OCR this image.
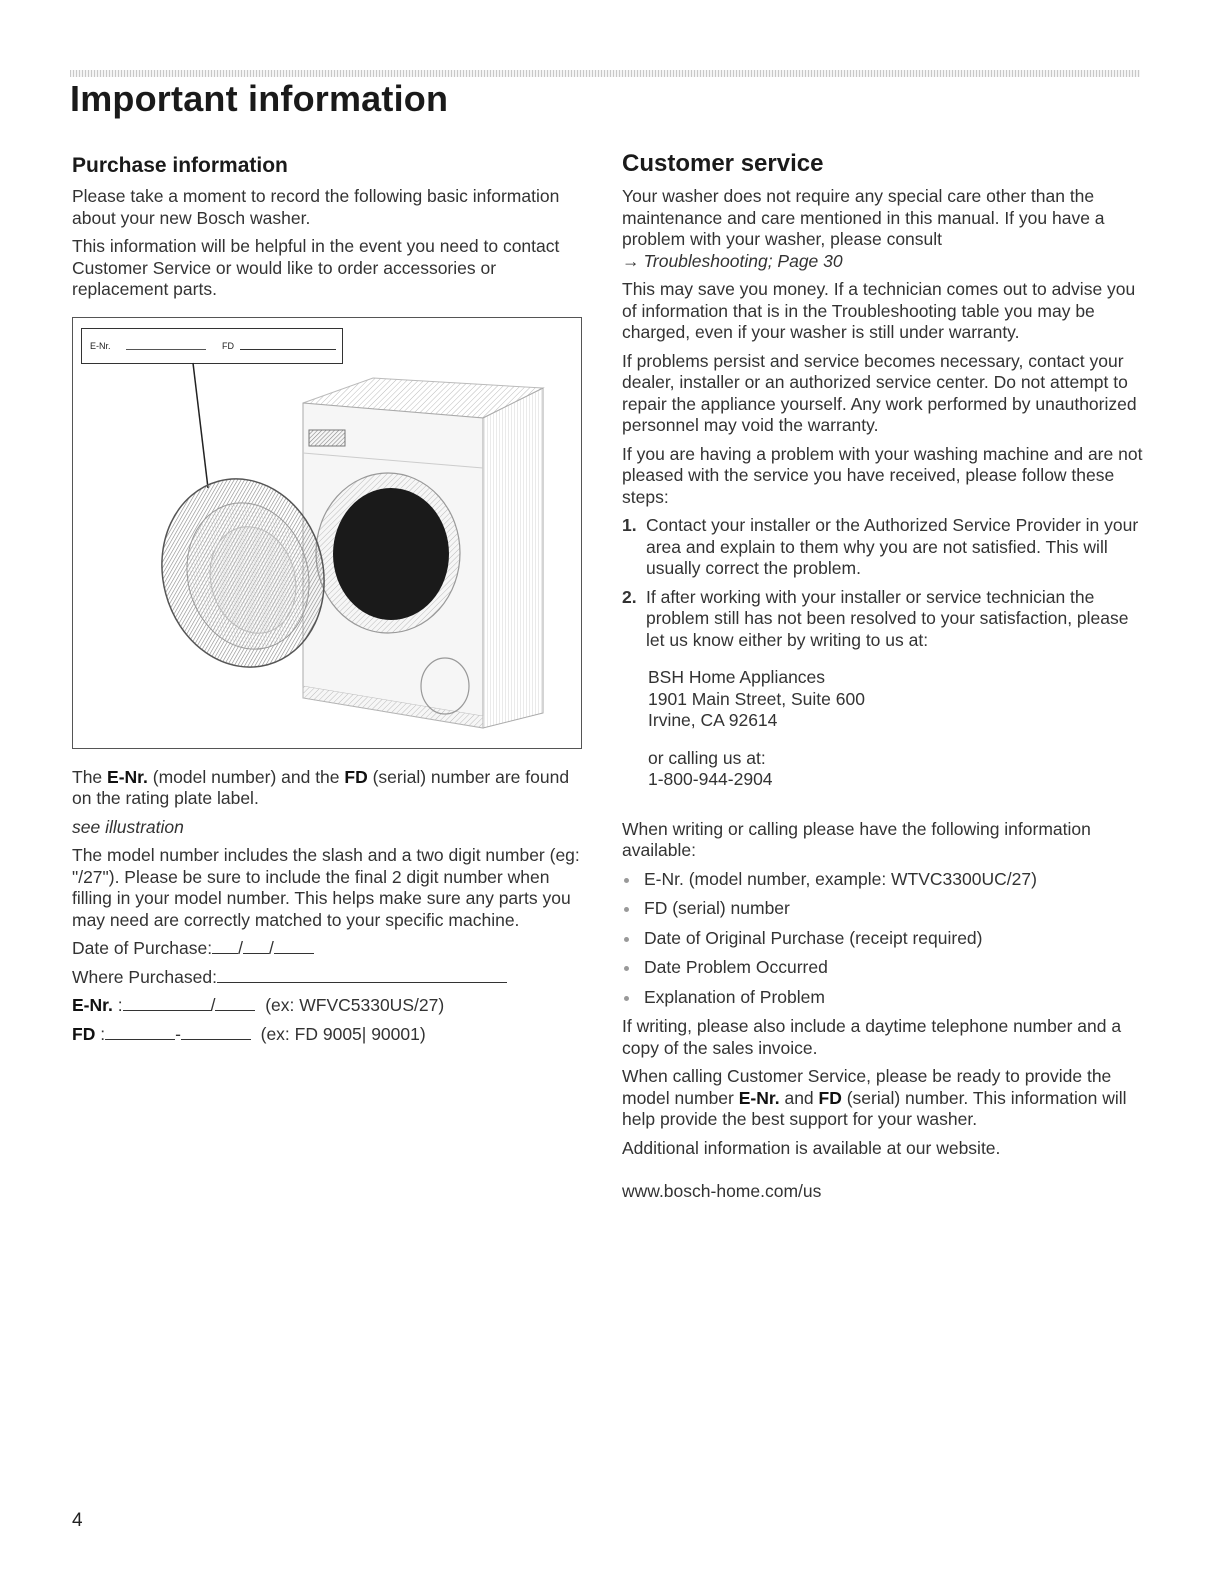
Important information
Purchase information

Please take a moment to record the following basic information about your new Bosch washer.

This information will be helpful in the event you need to contact Customer Service or would like to order accessories or replacement parts.

E-Nr.	FD

The E-Nr. (model number) and the FD (serial) number are found on the rating plate label.

see illustration

The model number includes the slash and a two digit number (eg: "/27"). Please be sure to include the final 2 digit number when filling in your model number. This helps make sure any parts you may need are correctly matched to your specific machine.

Date of Purchase: / /

Where Purchased:

E-Nr. :	/	(ex: WFVC5330US/27)

FD :	-	(ex: FD 9005| 90001)

Customer service

Your washer does not require any special care other than the maintenance and care mentioned in this manual. If you have a problem with your washer, please consult
→ Troubleshooting; Page 30

This may save you money. If a technician comes out to advise you of information that is in the Troubleshooting table you may be charged, even if your washer is still under warranty.

If problems persist and service becomes necessary, contact your dealer, installer or an authorized service center. Do not attempt to repair the appliance yourself. Any work performed by unauthorized personnel may void the warranty.

If you are having a problem with your washing machine and are not pleased with the service you have received, please follow these steps:

1. Contact your installer or the Authorized Service Provider in your area and explain to them why you are not satisfied. This will usually correct the problem.
2. If after working with your installer or service technician the problem still has not been resolved to your satisfaction, please let us know either by writing to us at:

BSH Home Appliances

1901 Main Street, Suite 600

Irvine, CA 92614

or calling us at:

1-800-944-2904

When writing or calling please have the following information available:

E-Nr. (model number, example: WTVC3300UC/27)
FD (serial) number
Date of Original Purchase (receipt required)
Date Problem Occurred
Explanation of Problem

If writing, please also include a daytime telephone number and a copy of the sales invoice.

When calling Customer Service, please be ready to provide the model number E-Nr. and FD (serial) number. This information will help provide the best support for your washer.

Additional information is available at our website.

www.bosch-home.com/us

4
